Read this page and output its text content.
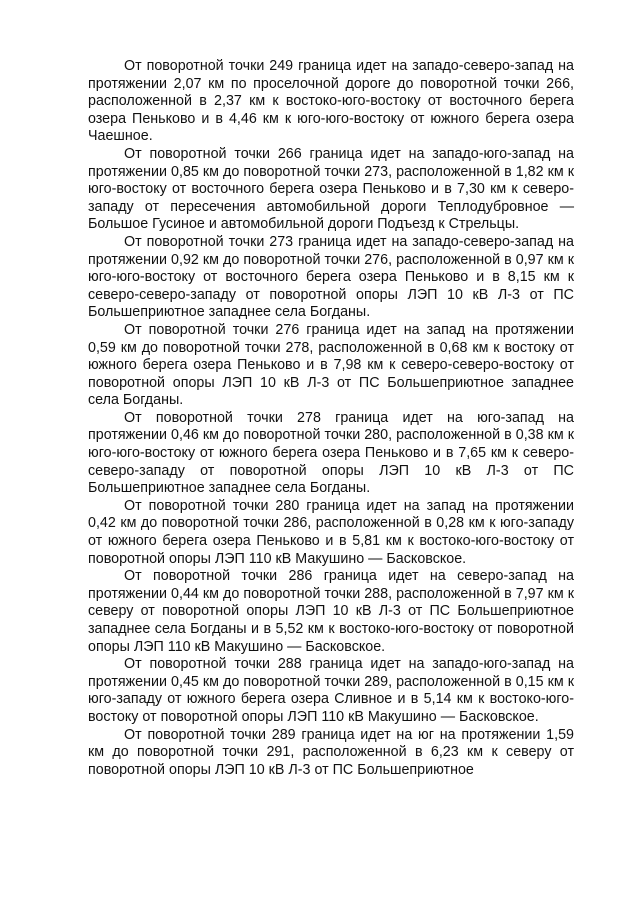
От поворотной точки 249 граница идет на западо-северо-запад на протяжении 2,07 км по проселочной дороге до поворотной точки 266, расположенной в 2,37 км к востоко-юго-востоку от восточного берега озера Пеньково и в 4,46 км к юго-юго-востоку от южного берега озера Чаешное.

От поворотной точки 266 граница идет на западо-юго-запад на протяжении 0,85 км до поворотной точки 273, расположенной в 1,82 км к юго-востоку от восточного берега озера Пеньково и в 7,30 км к северо-западу от пересечения автомобильной дороги Теплодубровное — Большое Гусиное и автомобильной дороги Подъезд к Стрельцы.

От поворотной точки 273 граница идет на западо-северо-запад на протяжении 0,92 км до поворотной точки 276, расположенной в 0,97 км к юго-юго-востоку от восточного берега озера Пеньково и в 8,15 км к северо-северо-западу от поворотной опоры ЛЭП 10 кВ Л-3 от ПС Большеприютное западнее села Богданы.

От поворотной точки 276 граница идет на запад на протяжении 0,59 км до поворотной точки 278, расположенной в 0,68 км к востоку от южного берега озера Пеньково и в 7,98 км к северо-северо-востоку от поворотной опоры ЛЭП 10 кВ Л-3 от ПС Большеприютное западнее села Богданы.

От поворотной точки 278 граница идет на юго-запад на протяжении 0,46 км до поворотной точки 280, расположенной в 0,38 км к юго-юго-востоку от южного берега озера Пеньково и в 7,65 км к северо-северо-западу от поворотной опоры ЛЭП 10 кВ Л-3 от ПС Большеприютное западнее села Богданы.

От поворотной точки 280 граница идет на запад на протяжении 0,42 км до поворотной точки 286, расположенной в 0,28 км к юго-западу от южного берега озера Пеньково и в 5,81 км к востоко-юго-востоку от поворотной опоры ЛЭП 110 кВ Макушино — Басковское.

От поворотной точки 286 граница идет на северо-запад на протяжении 0,44 км до поворотной точки 288, расположенной в 7,97 км к северу от поворотной опоры ЛЭП 10 кВ Л-3 от ПС Большеприютное западнее села Богданы и в 5,52 км к востоко-юго-востоку от поворотной опоры ЛЭП 110 кВ Макушино — Басковское.

От поворотной точки 288 граница идет на западо-юго-запад на протяжении 0,45 км до поворотной точки 289, расположенной в 0,15 км к юго-западу от южного берега озера Сливное и в 5,14 км к востоко-юго-востоку от поворотной опоры ЛЭП 110 кВ Макушино — Басковское.

От поворотной точки 289 граница идет на юг на протяжении 1,59 км до поворотной точки 291, расположенной в 6,23 км к северу от поворотной опоры ЛЭП 10 кВ Л-3 от ПС Большеприютное
